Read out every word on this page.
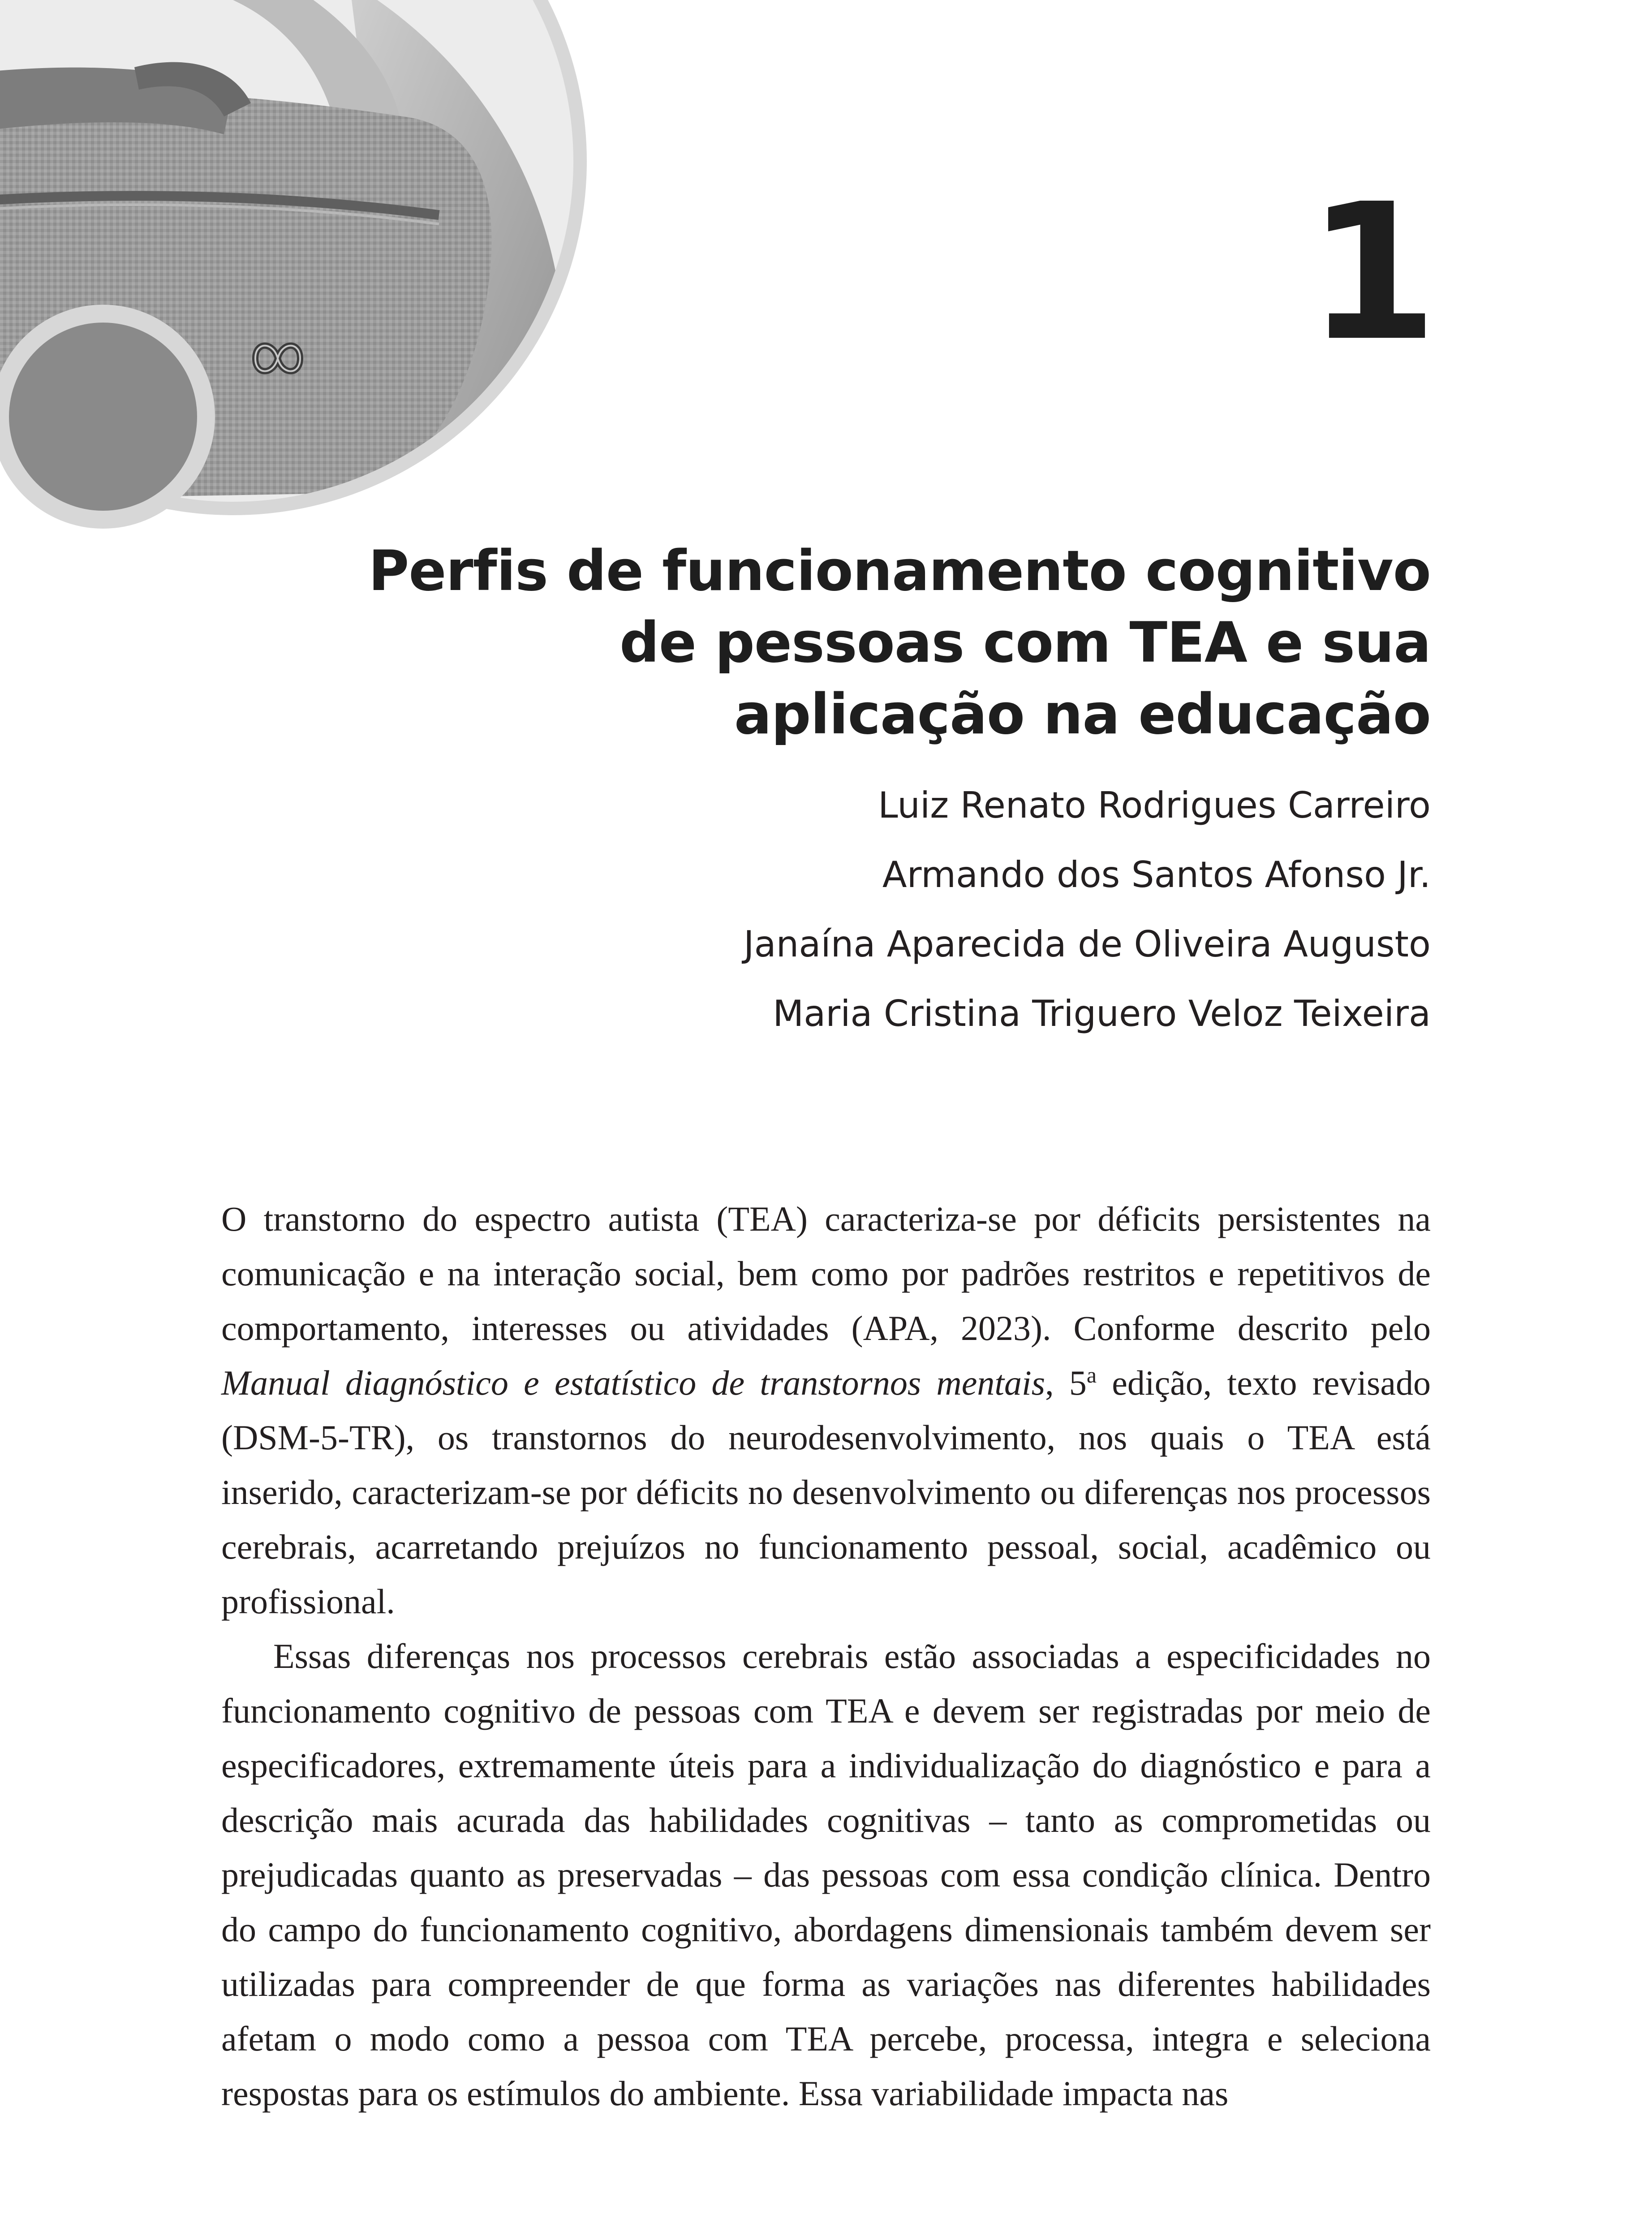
1
Perfis de funcionamento cognitivo
de pessoas com TEA e sua
aplicação na educação
Luiz Renato Rodrigues Carreiro
Armando dos Santos Afonso Jr.
Janaína Aparecida de Oliveira Augusto
Maria Cristina Triguero Veloz Teixeira

O transtorno do espectro autista (TEA) caracteriza-se por déficits persistentes na comunicação e na interação social, bem como por padrões restritos e repetitivos de comportamento, interesses ou atividades (APA, 2023). Conforme descrito pelo Manual diagnóstico e estatístico de transtornos mentais, 5$^a$ edição, texto revisado (DSM-5-TR), os transtornos do neurodesenvolvimento, nos quais o TEA está inserido, caracterizam-se por déficits no desenvolvimento ou diferenças nos processos cerebrais, acarretando prejuízos no funcionamento pessoal, social, acadêmico ou profissional.

Essas diferenças nos processos cerebrais estão associadas a especificidades no funcionamento cognitivo de pessoas com TEA e devem ser registradas por meio de especificadores, extremamente úteis para a individualização do diagnóstico e para a descrição mais acurada das habilidades cognitivas – tanto as comprometidas ou prejudicadas quanto as preservadas – das pessoas com essa condição clínica. Dentro do campo do funcionamento cognitivo, abordagens dimensionais também devem ser utilizadas para compreender de que forma as variações nas diferentes habilidades afetam o modo como a pessoa com TEA percebe, processa, integra e seleciona respostas para os estímulos do ambiente. Essa variabilidade impacta nas
